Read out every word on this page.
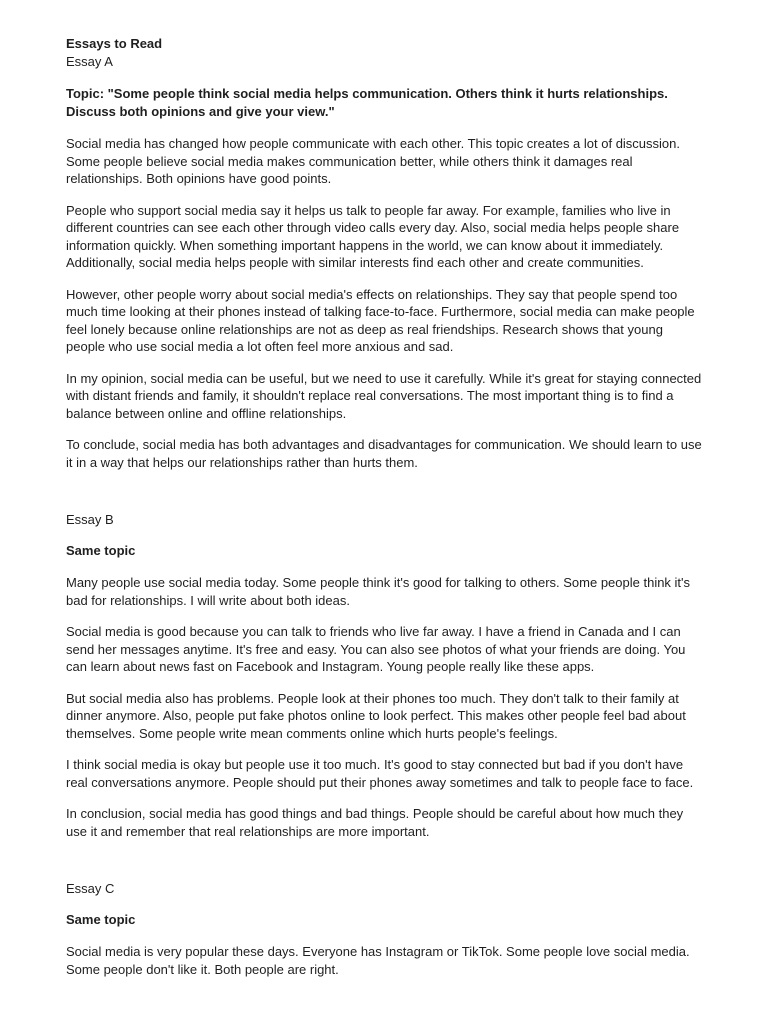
Essays to Read
Essay A

Topic: "Some people think social media helps communication. Others think it hurts relationships. Discuss both opinions and give your view."

Social media has changed how people communicate with each other. This topic creates a lot of discussion. Some people believe social media makes communication better, while others think it damages real relationships. Both opinions have good points.

People who support social media say it helps us talk to people far away. For example, families who live in different countries can see each other through video calls every day. Also, social media helps people share information quickly. When something important happens in the world, we can know about it immediately. Additionally, social media helps people with similar interests find each other and create communities.

However, other people worry about social media's effects on relationships. They say that people spend too much time looking at their phones instead of talking face-to-face. Furthermore, social media can make people feel lonely because online relationships are not as deep as real friendships. Research shows that young people who use social media a lot often feel more anxious and sad.

In my opinion, social media can be useful, but we need to use it carefully. While it's great for staying connected with distant friends and family, it shouldn't replace real conversations. The most important thing is to find a balance between online and offline relationships.

To conclude, social media has both advantages and disadvantages for communication. We should learn to use it in a way that helps our relationships rather than hurts them.

Essay B

Same topic

Many people use social media today. Some people think it's good for talking to others. Some people think it's bad for relationships. I will write about both ideas.

Social media is good because you can talk to friends who live far away. I have a friend in Canada and I can send her messages anytime. It's free and easy. You can also see photos of what your friends are doing. You can learn about news fast on Facebook and Instagram. Young people really like these apps.

But social media also has problems. People look at their phones too much. They don't talk to their family at dinner anymore. Also, people put fake photos online to look perfect. This makes other people feel bad about themselves. Some people write mean comments online which hurts people's feelings.

I think social media is okay but people use it too much. It's good to stay connected but bad if you don't have real conversations anymore. People should put their phones away sometimes and talk to people face to face.

In conclusion, social media has good things and bad things. People should be careful about how much they use it and remember that real relationships are more important.

Essay C

Same topic

Social media is very popular these days. Everyone has Instagram or TikTok. Some people love social media. Some people don't like it. Both people are right.
